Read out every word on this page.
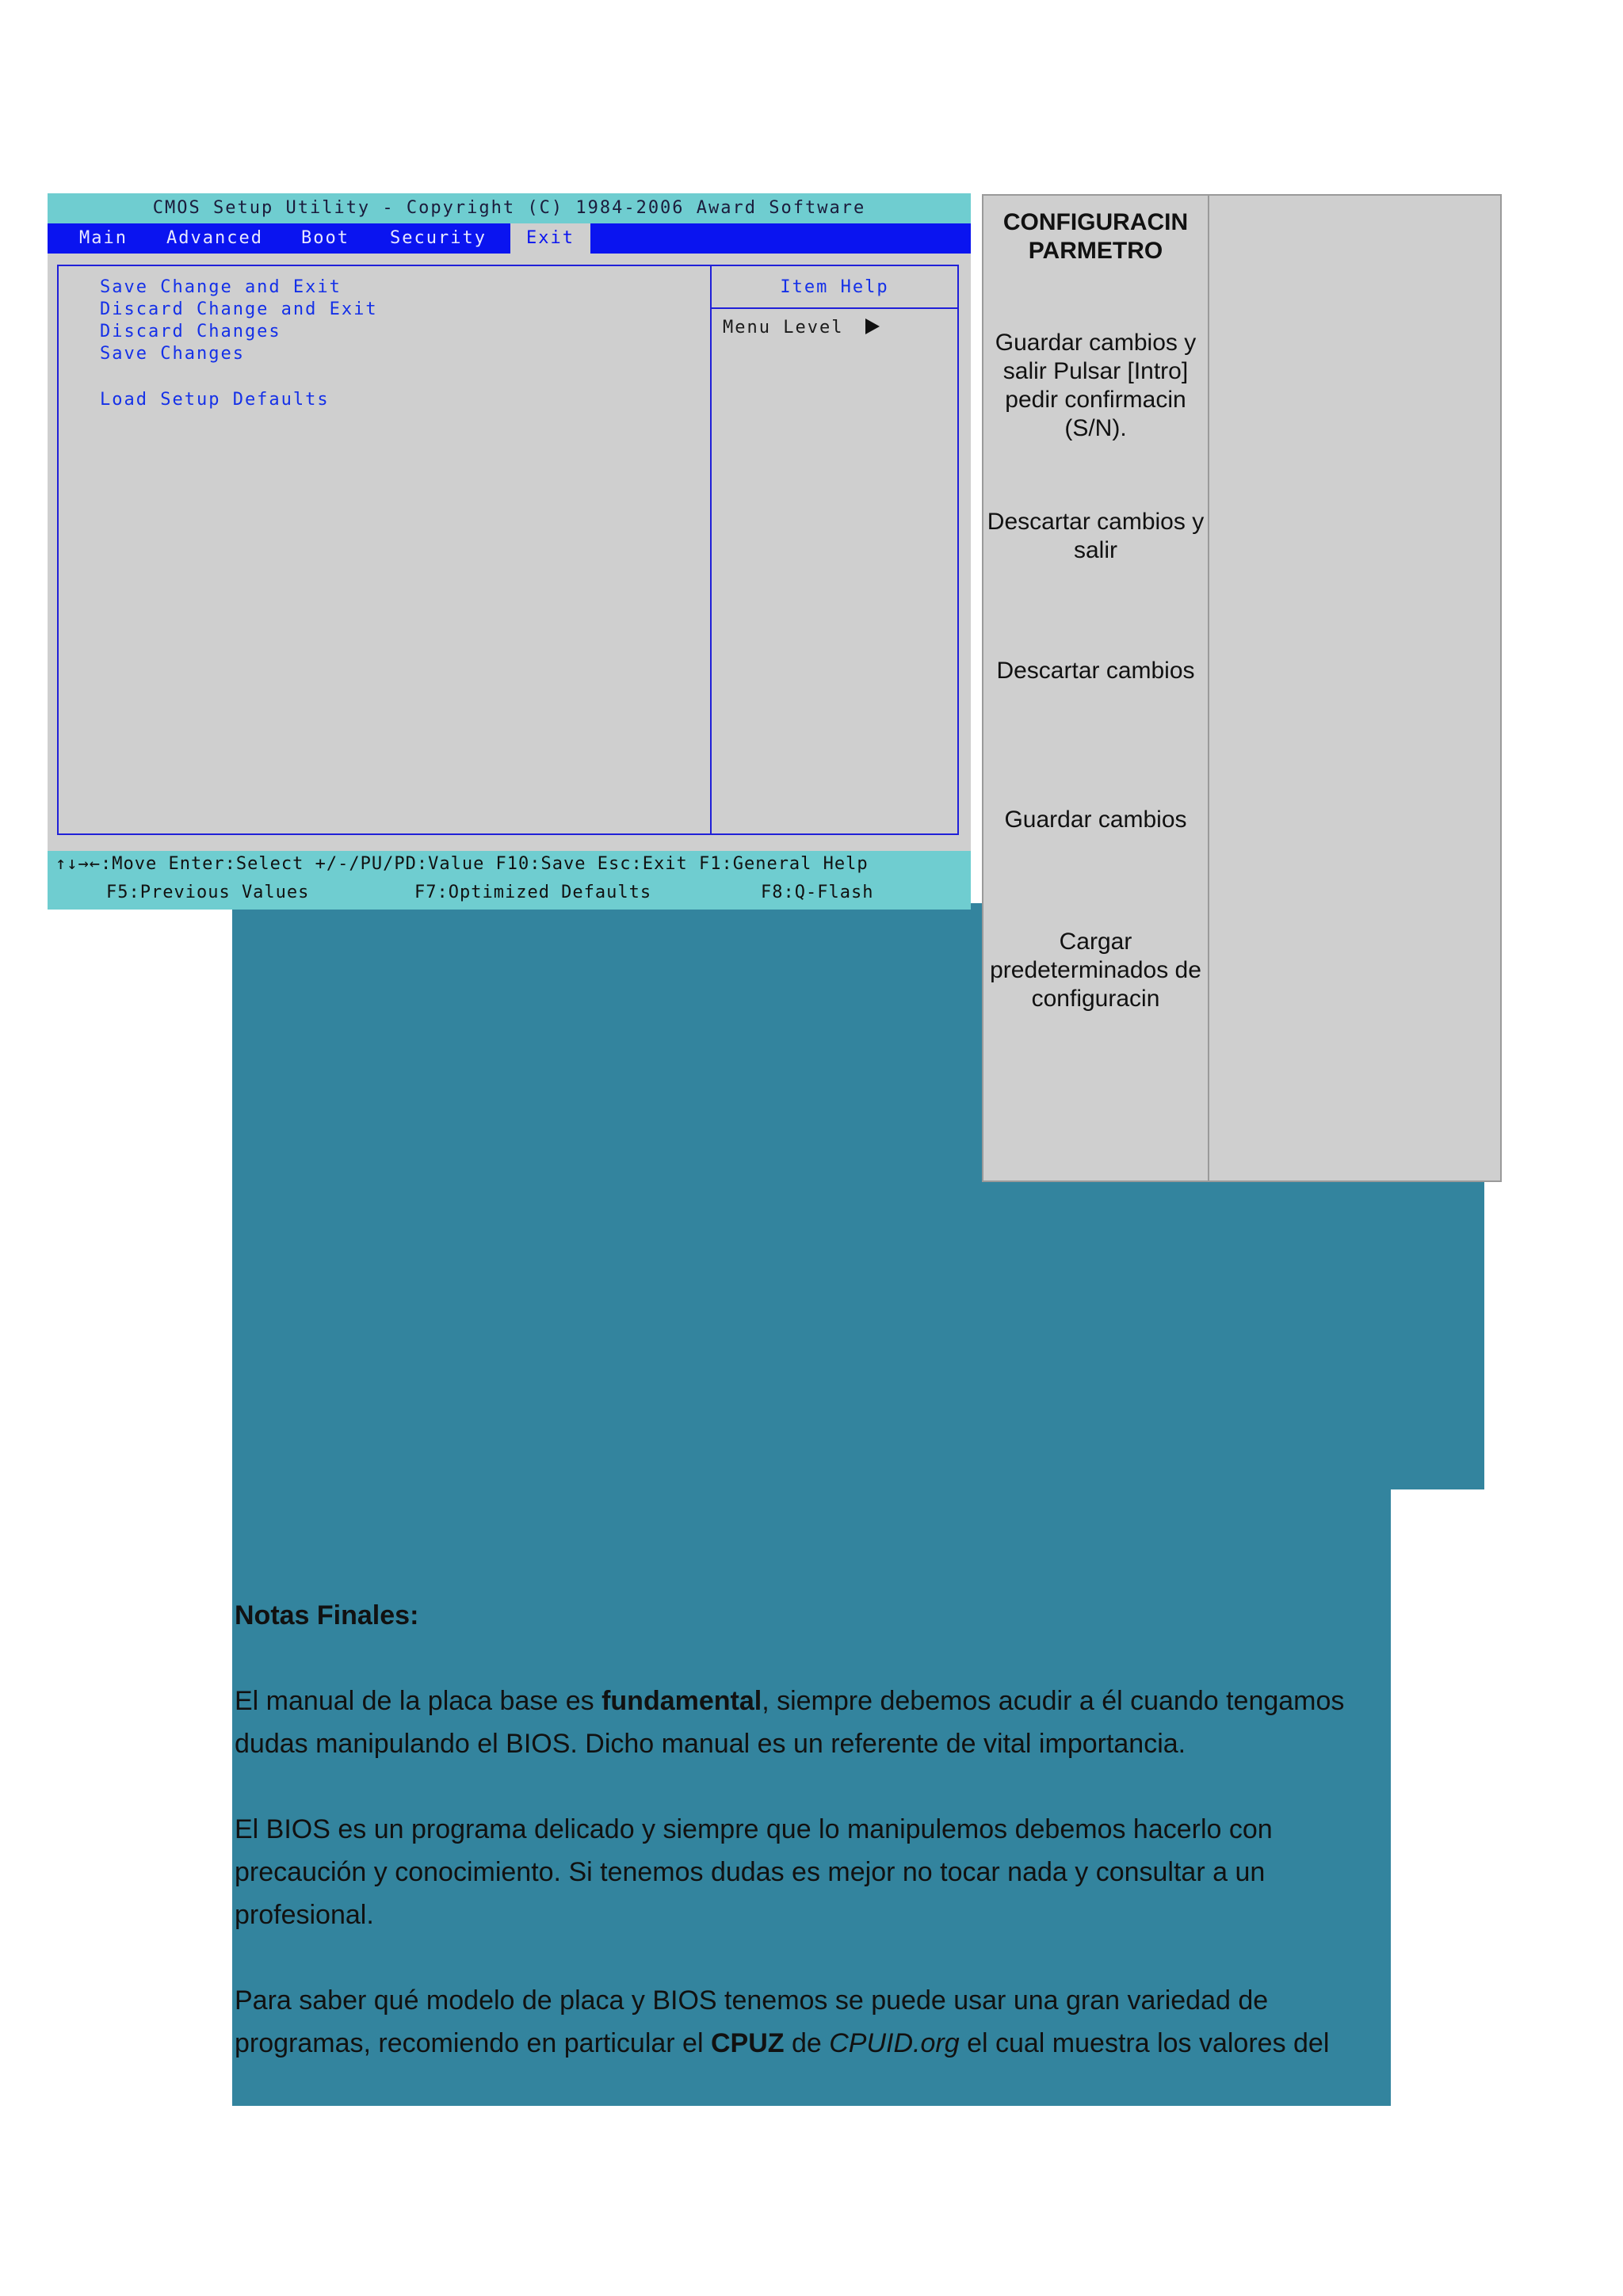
CMOS Setup Utility - Copyright (C) 1984-2006 Award Software
Main Advanced Boot Security	Exit
Save Change and Exit
Discard Change and Exit
Discard Changes
Save Changes
Load Setup Defaults
Item Help
Menu Level
↑↓→←:Move Enter:Select +/-/PU/PD:Value F10:Save Esc:Exit F1:General Help
F5:Previous Values	F7:Optimized Defaults	F8:Q-Flash
CONFIGURACIN PARMETRO
Guardar cambios y salir Pulsar [Intro] pedir confirmacin (S/N).
Descartar cambios y salir
Descartar cambios
Guardar cambios
Cargar predeterminados de configuracin

Notas Finales:

El manual de la placa base es fundamental, siempre debemos acudir a él cuando tengamos dudas manipulando el BIOS. Dicho manual es un referente de vital importancia.

El BIOS es un programa delicado y siempre que lo manipulemos debemos hacerlo con precaución y conocimiento. Si tenemos dudas es mejor no tocar nada y consultar a un profesional.

Para saber qué modelo de placa y BIOS tenemos se puede usar una gran variedad de programas, recomiendo en particular el CPUZ de CPUID.org el cual muestra los valores del
